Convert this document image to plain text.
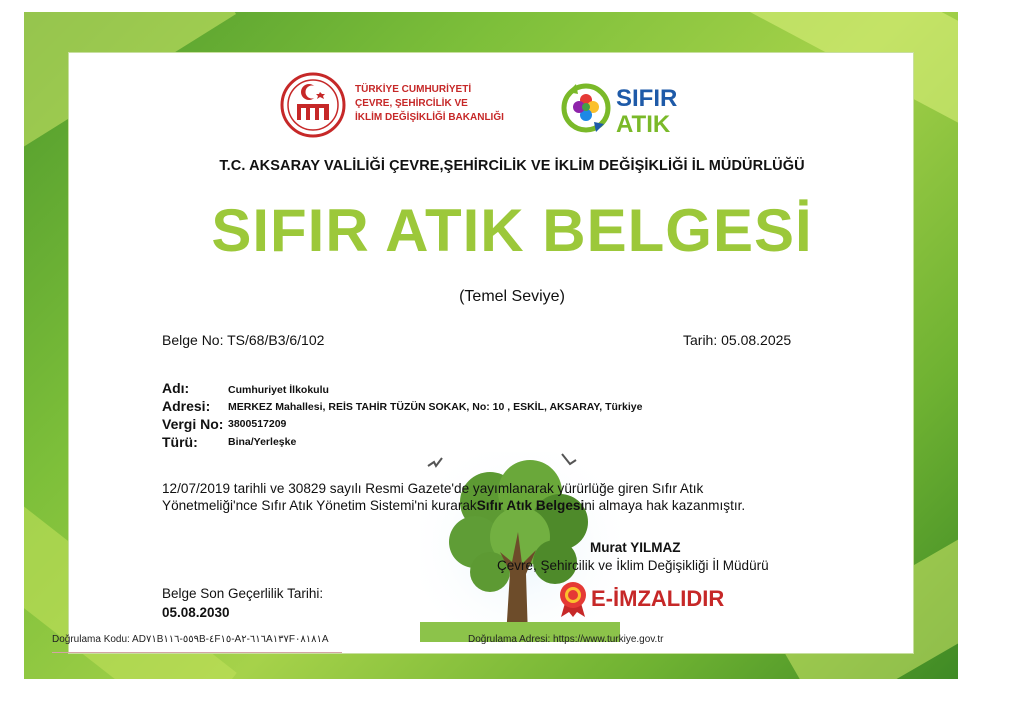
TÜRKİYE CUMHURİYETİ
ÇEVRE, ŞEHİRCİLİK VE
İKLİM DEĞİŞİKLİĞİ BAKANLIĞI
SIFIR
ATIK
T.C. AKSARAY VALİLİĞİ ÇEVRE,ŞEHİRCİLİK VE İKLİM DEĞİŞİKLİĞİ İL MÜDÜRLÜĞÜ
SIFIR ATIK BELGESİ
(Temel Seviye)
Belge No: TS/68/B3/6/102	Tarih: 05.08.2025
Adı:	Cumhuriyet İlkokulu
Adresi: MERKEZ Mahallesi, REİS TAHİR TÜZÜN SOKAK, No: 10 , ESKİL, AKSARAY, Türkiye
Vergi No: 3800517209
Türü:	Bina/Yerleşke
12/07/2019 tarihli ve 30829 sayılı Resmi Gazete'de yayımlanarak yürürlüğe giren Sıfır Atık
Yönetmeliği'nce Sıfır Atık Yönetim Sistemi'ni kurarakSıfır Atık Belgesini almaya hak kazanmıştır.
Murat YILMAZ
Çevre, Şehircilik ve İklim Değişikliği İl Müdürü
E-İMZALIDIR
Belge Son Geçerlilik Tarihi:
05.08.2030
Doğrulama Kodu: AD٧١B٥٥٩-١١٦B-٤F١٥-A٦١٦-٢A١٣٧F٠٨١٨١A	Doğrulama Adresi: https://www.turkiye.gov.tr
